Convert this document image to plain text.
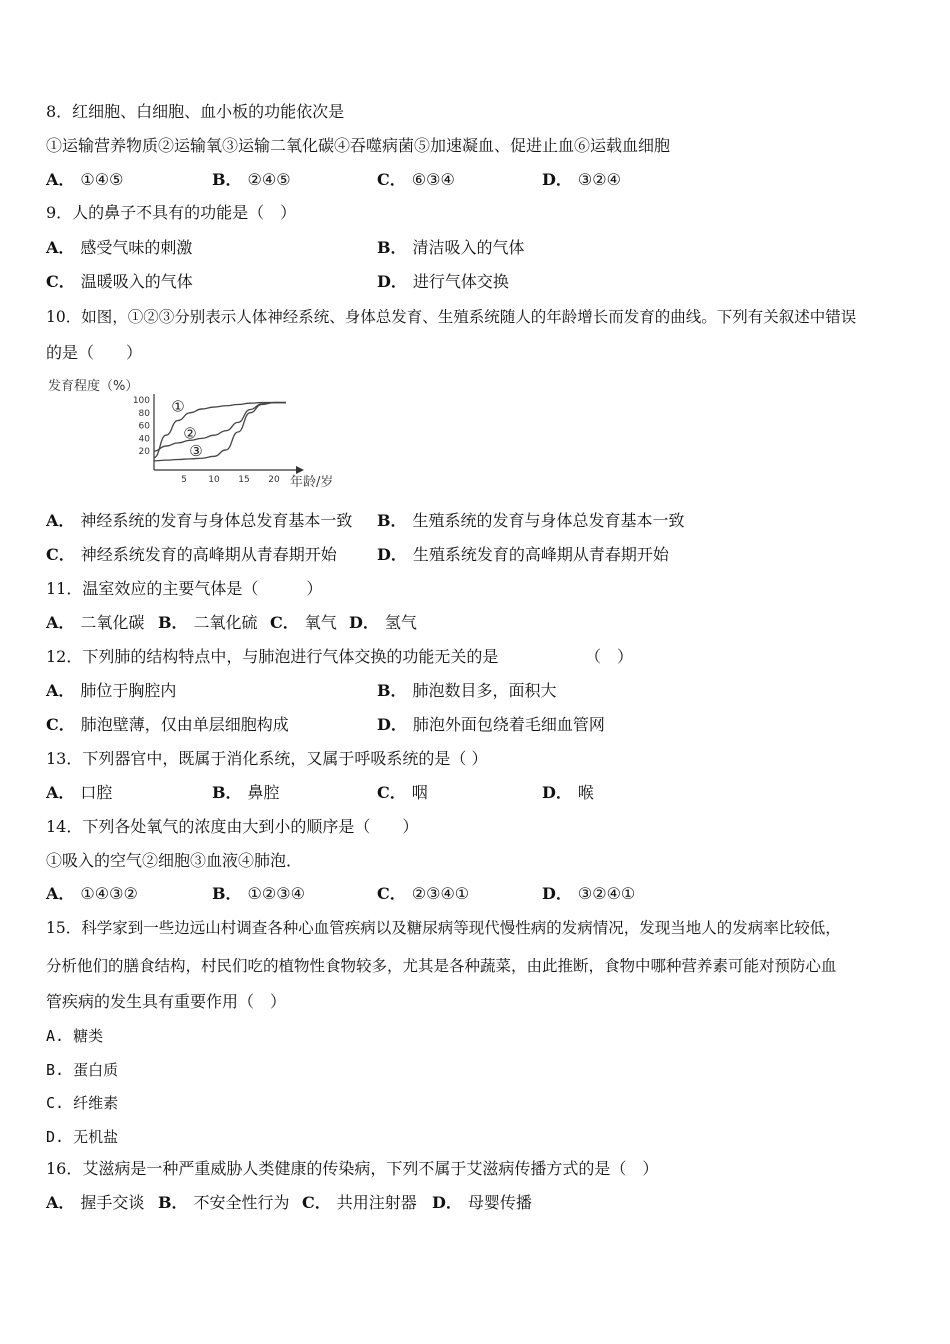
8．红细胞、白细胞、血小板的功能依次是
①运输营养物质②运输氧③运输二氧化碳④吞噬病菌⑤加速凝血、促进止血⑥运载血细胞
A． ①④⑤	B． ②④⑤	C． ⑥③④	D． ③②④
9．人的鼻子不具有的功能是（　）
A． 感受气味的刺激	B． 清洁吸入的气体
C． 温暖吸入的气体	D． 进行气体交换
10．如图，①②③分别表示人体神经系统、身体总发育、生殖系统随人的年龄增长而发育的曲线。下列有关叙述中错误
的是（　　）
发育程度（%）
100
80
60
40
20
5 10 15 20 年龄/岁
①
②
③
A． 神经系统的发育与身体总发育基本一致 B． 生殖系统的发育与身体总发育基本一致
C． 神经系统发育的高峰期从青春期开始	D． 生殖系统发育的高峰期从青春期开始
11．温室效应的主要气体是（　　　）
A． 二氧化碳 B． 二氧化硫 C． 氧气 D． 氢气
12．下列肺的结构特点中，与肺泡进行气体交换的功能无关的是	（　）
A． 肺位于胸腔内	B． 肺泡数目多，面积大
C． 肺泡壁薄，仅由单层细胞构成	D． 肺泡外面包绕着毛细血管网
13．下列器官中，既属于消化系统，又属于呼吸系统的是（ ）
A． 口腔	B． 鼻腔	C． 咽	D． 喉
14．下列各处氧气的浓度由大到小的顺序是（　　）
①吸入的空气②细胞③血液④肺泡．
A． ①④③②	B． ①②③④	C． ②③④①	D． ③②④①
15．科学家到一些边远山村调查各种心血管疾病以及糖尿病等现代慢性病的发病情况，发现当地人的发病率比较低，
分析他们的膳食结构，村民们吃的植物性食物较多，尤其是各种蔬菜，由此推断，食物中哪种营养素可能对预防心血
管疾病的发生具有重要作用（　）
A. 糖类
B. 蛋白质
C. 纤维素
D. 无机盐
16．艾滋病是一种严重威胁人类健康的传染病，下列不属于艾滋病传播方式的是（　）
A． 握手交谈 B． 不安全性行为 C． 共用注射器 D． 母婴传播
